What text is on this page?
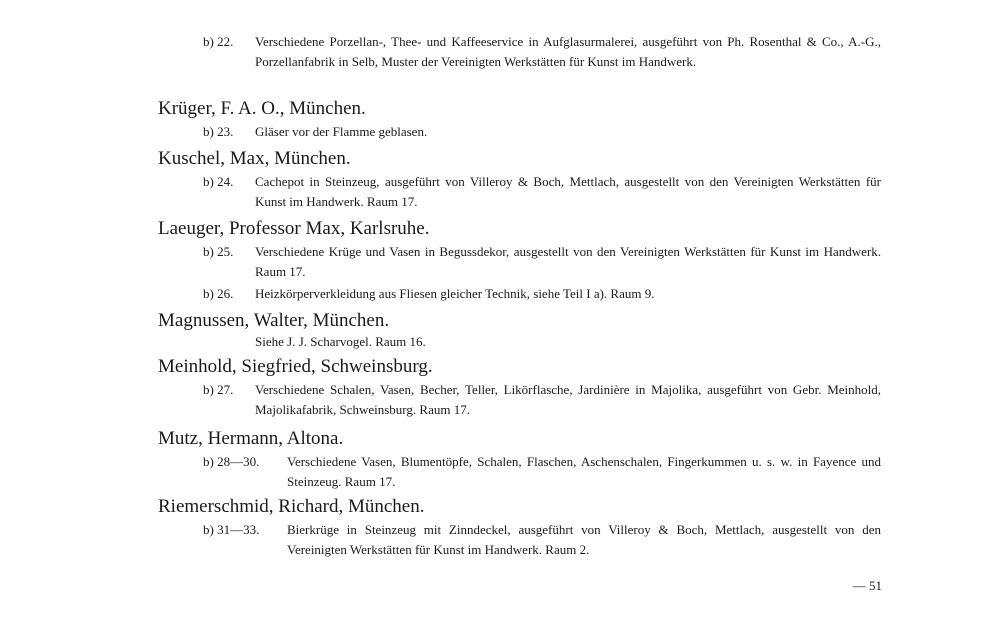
b) 22. Verschiedene Porzellan-, Thee- und Kaffeeservice in Aufglasurmalerei, ausgeführt von Ph. Rosenthal & Co., A.-G., Porzellanfabrik in Selb, Muster der Vereinigten Werkstätten für Kunst im Handwerk.
Krüger, F. A. O., München.
b) 23. Gläser vor der Flamme geblasen.
Kuschel, Max, München.
b) 24. Cachepot in Steinzeug, ausgeführt von Villeroy & Boch, Mettlach, ausgestellt von den Vereinigten Werkstätten für Kunst im Handwerk. Raum 17.
Laeuger, Professor Max, Karlsruhe.
b) 25. Verschiedene Krüge und Vasen in Begussdekor, ausgestellt von den Vereinigten Werkstätten für Kunst im Handwerk. Raum 17.
b) 26. Heizkörperverkleidung aus Fliesen gleicher Technik, siehe Teil I a). Raum 9.
Magnussen, Walter, München.
Siehe J. J. Scharvogel. Raum 16.
Meinhold, Siegfried, Schweinsburg.
b) 27. Verschiedene Schalen, Vasen, Becher, Teller, Likörflasche, Jardinière in Majolika, ausgeführt von Gebr. Meinhold, Majolikafabrik, Schweinsburg. Raum 17.
Mutz, Hermann, Altona.
b) 28—30. Verschiedene Vasen, Blumentöpfe, Schalen, Flaschen, Aschenschalen, Fingerkummen u. s. w. in Fayence und Steinzeug. Raum 17.
Riemerschmid, Richard, München.
b) 31—33. Bierkrüge in Steinzeug mit Zinndeckel, ausgeführt von Villeroy & Boch, Mettlach, ausgestellt von den Vereinigten Werkstätten für Kunst im Handwerk. Raum 2.
— 51
